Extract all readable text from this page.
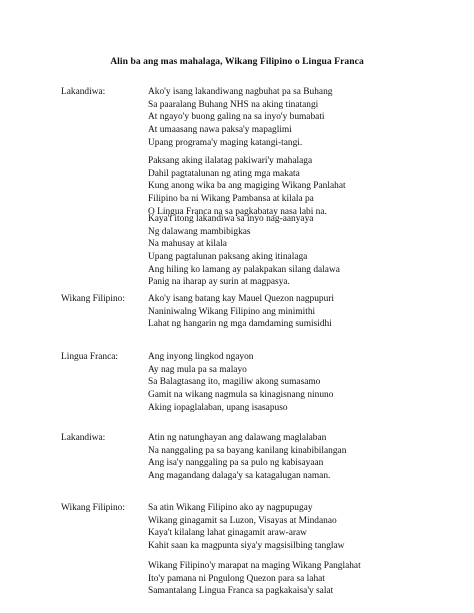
Alin ba ang mas mahalaga, Wikang Filipino o Lingua Franca
Lakandiwa:
Wikang Filipino:
Lingua Franca:
Lakandiwa:
Wikang Filipino:
Ako'y isang lakandiwang nagbuhat pa sa Buhang
Sa paaralang Buhang NHS na aking tinatangi
At ngayo'y buong galing na sa inyo'y bumabati
At umaasang nawa paksa'y mapaglimi
Upang programa'y maging katangi-tangi.
Paksang aking ilalatag pakiwari'y mahalaga
Dahil pagtatalunan ng ating mga makata
Kung anong wika ba ang magiging Wikang Panlahat
Filipino ba ni Wikang Pambansa at kilala pa
O Lingua Franca na sa pagkabatay nasa labi na.
Kaya't itong lakandiwa sa inyo nag-aanyaya
Ng dalawang mambibigkas
Na mahusay at kilala
Upang pagtalunan paksang aking itinalaga
Ang hiling ko lamang ay palakpakan silang dalawa
Panig na iharap ay surin at magpasya.
Ako'y isang batang kay Mauel Quezon nagpupuri
Naniniwalng Wikang Filipino ang minimithi
Lahat ng hangarin ng mga damdaming sumisidhi
Ang inyong lingkod ngayon
Ay nag mula pa sa malayo
Sa Balagtasang ito, magiliw akong sumasamo
Gamit na wikang nagmula sa kinagisnang ninuno
Aking iopaglalaban, upang isasapuso
Atin ng natunghayan ang dalawang maglalaban
Na nanggaling pa sa bayang kanilang kinabibilangan
Ang isa'y nanggaling pa sa pulo ng kabisayaan
Ang magandang dalaga'y sa katagalugan naman.
Sa atin Wikang Filipino ako ay nagpupugay
Wikang ginagamit sa Luzon, Visayas at Mindanao
Kaya't kilalang lahat ginagamit araw-araw
Kahit saan ka magpunta siya'y magsisilbing tanglaw
Wikang Filipino'y marapat na maging Wikang Panglahat
Ito'y pamana ni Pngulong Quezon para sa lahat
Samantalang Lingua Franca sa pagkakaisa'y salat
